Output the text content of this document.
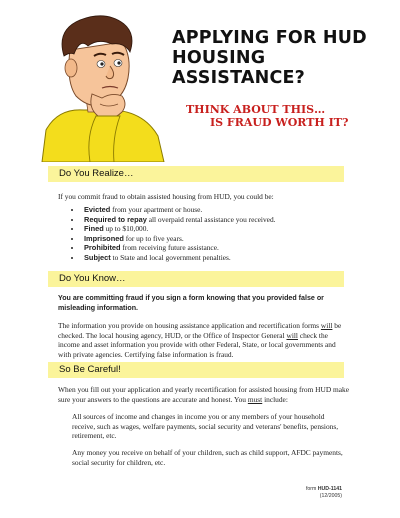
APPLYING FOR HUD
HOUSING
ASSISTANCE?
THINK ABOUT THIS…
IS FRAUD WORTH IT?
Do You Realize…
If you commit fraud to obtain assisted housing from HUD, you could be:
• Evicted from your apartment or house.
• Required to repay all overpaid rental assistance you received.
• Fined up to $10,000.
• Imprisoned for up to five years.
• Prohibited from receiving future assistance.
• Subject to State and local government penalties.
Do You Know…
You are committing fraud if you sign a form knowing that you provided false or misleading information.
The information you provide on housing assistance application and recertification forms will be checked. The local housing agency, HUD, or the Office of Inspector General will check the income and asset information you provide with other Federal, State, or local governments and with private agencies. Certifying false information is fraud.
So Be Careful!
When you fill out your application and yearly recertification for assisted housing from HUD make sure your answers to the questions are accurate and honest. You must include:
All sources of income and changes in income you or any members of your household receive, such as wages, welfare payments, social security and veterans' benefits, pensions, retirement, etc.
Any money you receive on behalf of your children, such as child support, AFDC payments, social security for children, etc.
form HUD-1141
(12/2005)
